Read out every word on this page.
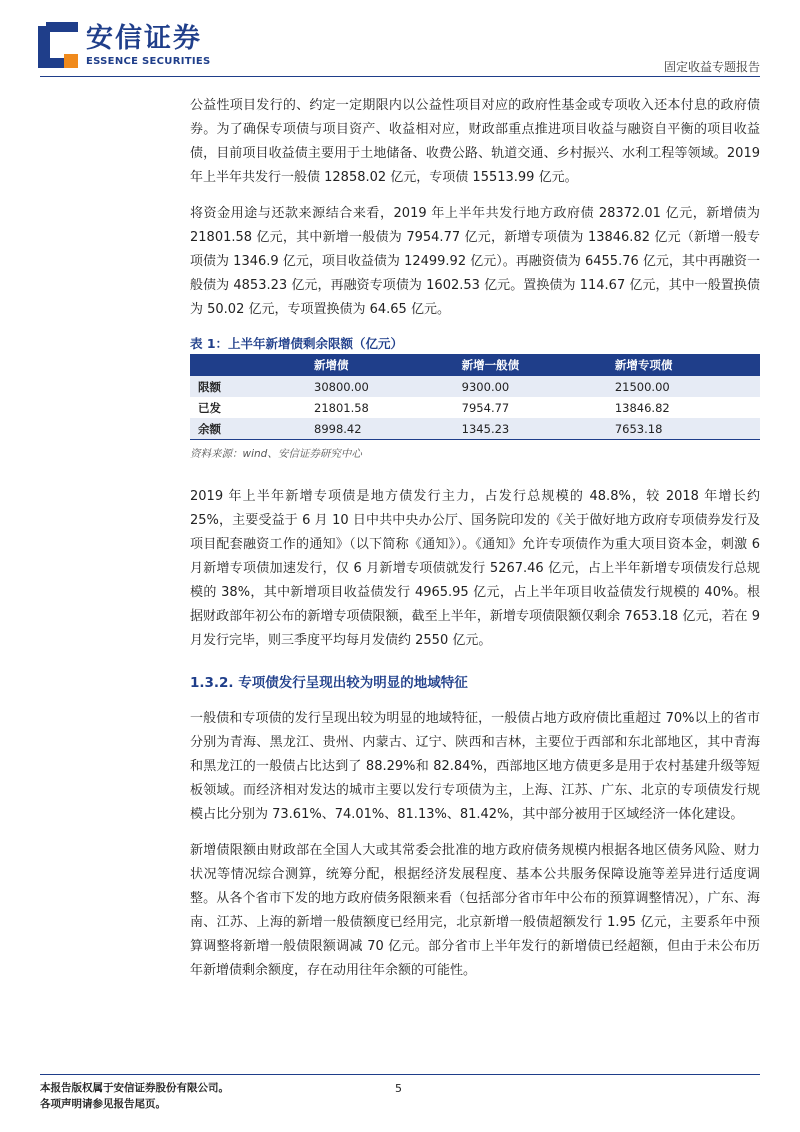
安信证券
ESSENCE SECURITIES	固定收益专题报告

公益性项目发行的、约定一定期限内以公益性项目对应的政府性基金或专项收入还本付息的政府债券。为了确保专项债与项目资产、收益相对应，财政部重点推进项目收益与融资自平衡的项目收益债，目前项目收益债主要用于土地储备、收费公路、轨道交通、乡村振兴、水利工程等领域。2019 年上半年共发行一般债 12858.02 亿元，专项债 15513.99 亿元。

将资金用途与还款来源结合来看，2019 年上半年共发行地方政府债 28372.01 亿元，新增债为 21801.58 亿元，其中新增一般债为 7954.77 亿元，新增专项债为 13846.82 亿元（新增一般专项债为 1346.9 亿元，项目收益债为 12499.92 亿元）。再融资债为 6455.76 亿元，其中再融资一般债为 4853.23 亿元，再融资专项债为 1602.53 亿元。置换债为 114.67 亿元，其中一般置换债为 50.02 亿元，专项置换债为 64.65 亿元。

表 1：上半年新增债剩余限额（亿元）
	新增债	新增一般债	新增专项债
限额	30800.00	9300.00	21500.00
已发	21801.58	7954.77	13846.82
余额	8998.42	1345.23	7653.18
资料来源：wind、安信证券研究中心

2019 年上半年新增专项债是地方债发行主力，占发行总规模的 48.8%，较 2018 年增长约 25%，主要受益于 6 月 10 日中共中央办公厅、国务院印发的《关于做好地方政府专项债券发行及项目配套融资工作的通知》（以下简称《通知》）。《通知》允许专项债作为重大项目资本金，刺激 6 月新增专项债加速发行，仅 6 月新增专项债就发行 5267.46 亿元，占上半年新增专项债发行总规模的 38%，其中新增项目收益债发行 4965.95 亿元，占上半年项目收益债发行规模的 40%。根据财政部年初公布的新增专项债限额，截至上半年，新增专项债限额仅剩余 7653.18 亿元，若在 9 月发行完毕，则三季度平均每月发债约 2550 亿元。

1.3.2. 专项债发行呈现出较为明显的地域特征

一般债和专项债的发行呈现出较为明显的地域特征，一般债占地方政府债比重超过 70%以上的省市分别为青海、黑龙江、贵州、内蒙古、辽宁、陕西和吉林，主要位于西部和东北部地区，其中青海和黑龙江的一般债占比达到了 88.29%和 82.84%，西部地区地方债更多是用于农村基建升级等短板领域。而经济相对发达的城市主要以发行专项债为主，上海、江苏、广东、北京的专项债发行规模占比分别为 73.61%、74.01%、81.13%、81.42%，其中部分被用于区域经济一体化建设。

新增债限额由财政部在全国人大或其常委会批准的地方政府债务规模内根据各地区债务风险、财力状况等情况综合测算，统筹分配，根据经济发展程度、基本公共服务保障设施等差异进行适度调整。从各个省市下发的地方政府债务限额来看（包括部分省市年中公布的预算调整情况），广东、海南、江苏、上海的新增一般债额度已经用完，北京新增一般债超额发行 1.95 亿元，主要系年中预算调整将新增一般债限额调减 70 亿元。部分省市上半年发行的新增债已经超额，但由于未公布历年新增债剩余额度，存在动用往年余额的可能性。

本报告版权属于安信证券股份有限公司。
各项声明请参见报告尾页。
5
